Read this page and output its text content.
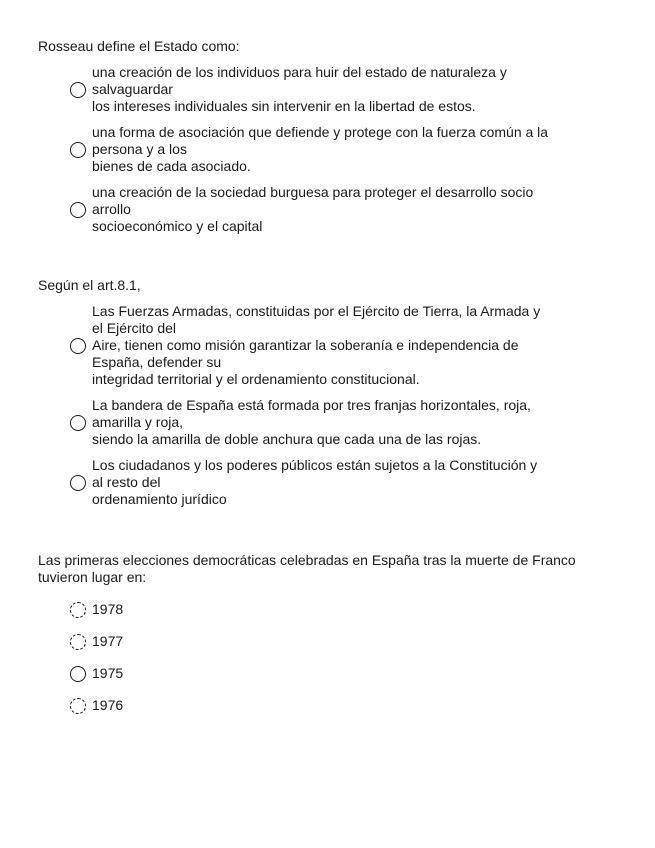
Rosseau define el Estado como:

una creación de los individuos para huir del estado de naturaleza y
salvaguardar
los intereses individuales sin intervenir en la libertad de estos.
una forma de asociación que defiende y protege con la fuerza común a la
persona y a los
bienes de cada asociado.
una creación de la sociedad burguesa para proteger el desarrollo socio
arrollo
socioeconómico y el capital

Según el art.8.1,

Las Fuerzas Armadas, constituidas por el Ejército de Tierra, la Armada y
el Ejército del
Aire, tienen como misión garantizar la soberanía e independencia de
España, defender su
integridad territorial y el ordenamiento constitucional.
La bandera de España está formada por tres franjas horizontales, roja,
amarilla y roja,
siendo la amarilla de doble anchura que cada una de las rojas.
Los ciudadanos y los poderes públicos están sujetos a la Constitución y
al resto del
ordenamiento jurídico

Las primeras elecciones democráticas celebradas en España tras la muerte de Franco tuvieron lugar en:

1978
1977
1975
1976
